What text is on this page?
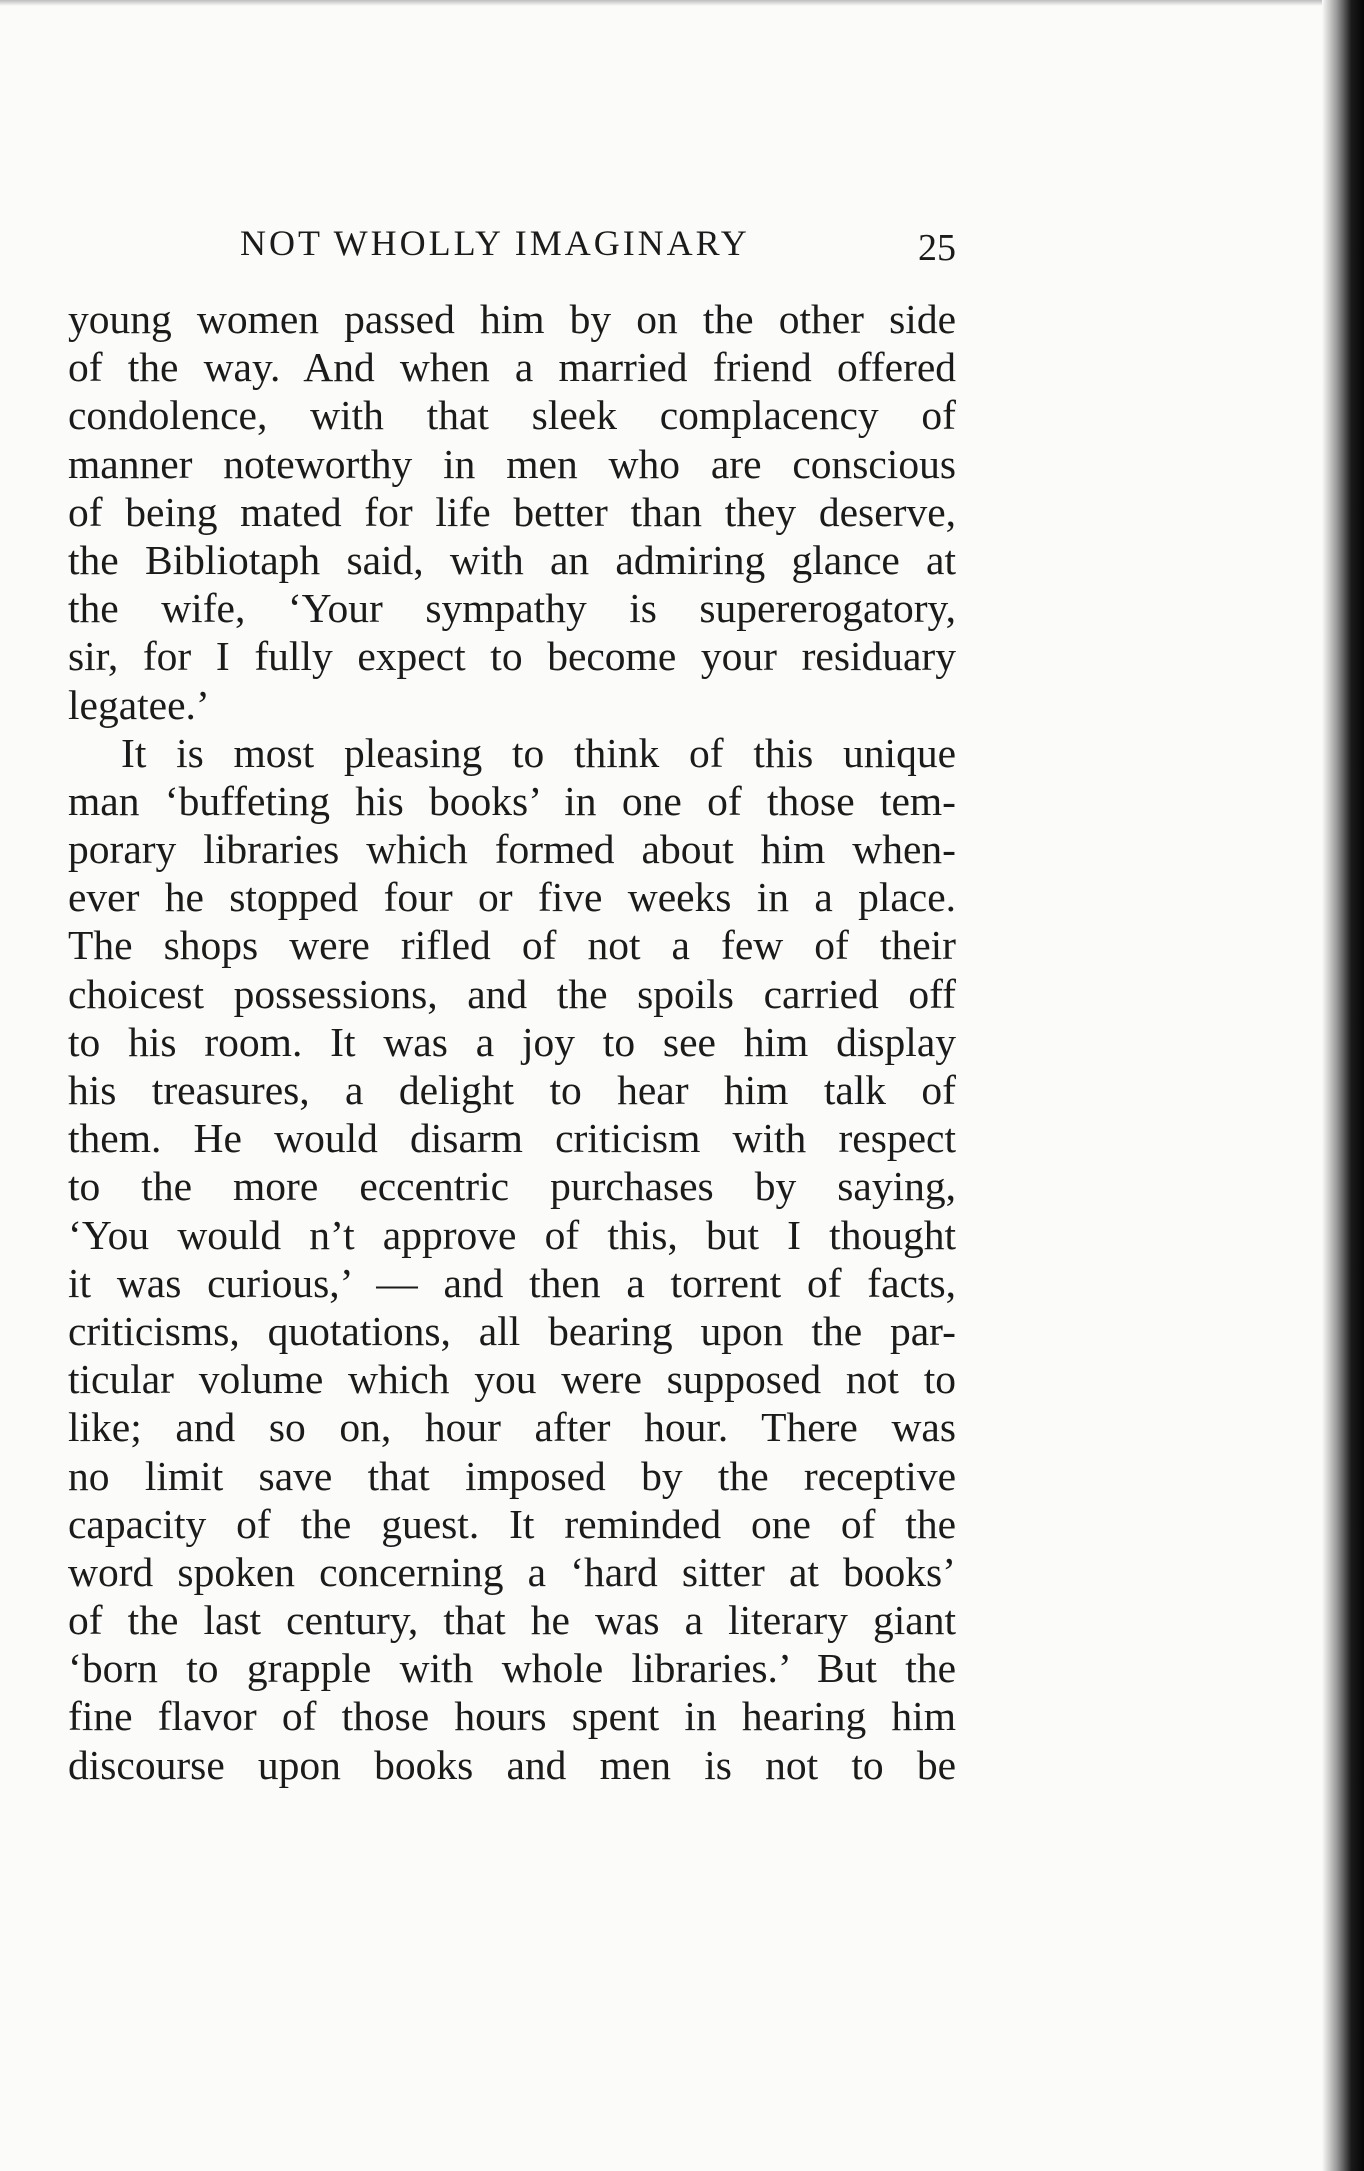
NOT WHOLLY IMAGINARY	25
young women passed him by on the other side
of the way. And when a married friend offered
condolence, with that sleek complacency of
manner noteworthy in men who are conscious
of being mated for life better than they deserve,
the Bibliotaph said, with an admiring glance at
the wife, ‘Your sympathy is supererogatory,
sir, for I fully expect to become your residuary
legatee.’
It is most pleasing to think of this unique
man ‘buffeting his books’ in one of those tem-
porary libraries which formed about him when-
ever he stopped four or five weeks in a place.
The shops were rifled of not a few of their
choicest possessions, and the spoils carried off
to his room. It was a joy to see him display
his treasures, a delight to hear him talk of
them. He would disarm criticism with respect
to the more eccentric purchases by saying,
‘You would n’t approve of this, but I thought
it was curious,’ — and then a torrent of facts,
criticisms, quotations, all bearing upon the par-
ticular volume which you were supposed not to
like; and so on, hour after hour. There was
no limit save that imposed by the receptive
capacity of the guest. It reminded one of the
word spoken concerning a ‘hard sitter at books’
of the last century, that he was a literary giant
‘born to grapple with whole libraries.’ But the
fine flavor of those hours spent in hearing him
discourse upon books and men is not to be
